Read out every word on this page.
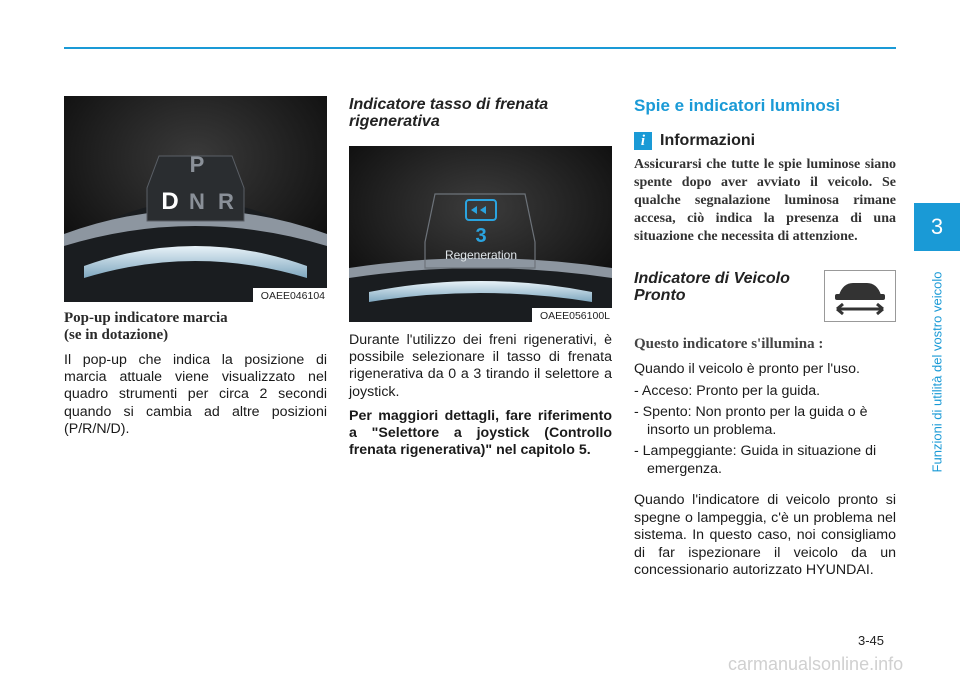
P
D N R
OAEE046104
Pop-up indicatore marcia
(se in dotazione)

Il pop-up che indica la posizione di marcia attuale viene visualizzato nel quadro strumenti per circa 2 secondi quando si cambia ad altre posizioni (P/R/N/D).

Indicatore tasso di frenata
rigenerativa
3
Regeneration
OAEE056100L

Durante l'utilizzo dei freni rigenerativi, è possibile selezionare il tasso di frenata rigenerativa da 0 a 3 tirando il selettore a joystick.

Per maggiori dettagli, fare riferimento a "Selettore a joystick (Controllo frenata rigenerativa)" nel capitolo 5.

Spie e indicatori luminosi
i Informazioni

Assicurarsi che tutte le spie luminose siano spente dopo aver avviato il veicolo. Se qualche segnalazione luminosa rimane accesa, ciò indica la presenza di una situazione che necessita di attenzione.

Indicatore di Veicolo
Pronto
Questo indicatore s'illumina :

Quando il veicolo è pronto per l'uso.

- Acceso: Pronto per la guida.

- Spento: Non pronto per la guida o è insorto un problema.

- Lampeggiante: Guida in situazione di emergenza.

Quando l'indicatore di veicolo pronto si spegne o lampeggia, c'è un problema nel sistema. In questo caso, noi consigliamo di far ispezionare il veicolo da un concessionario autorizzato HYUNDAI.

3
Funzioni di utilità del vostro veicolo
3-45
carmanualsonline.info
